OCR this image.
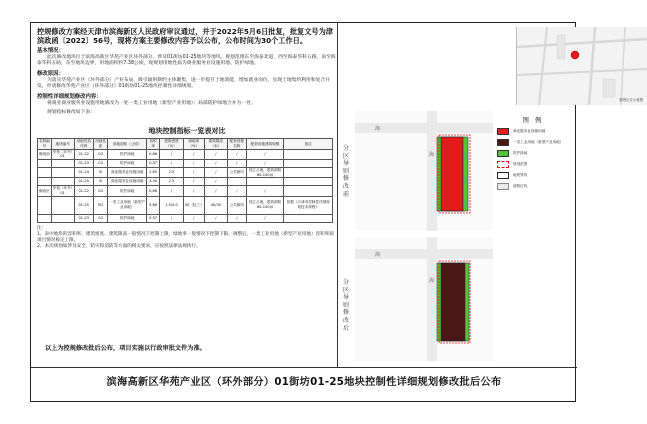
控规修改方案经天津市滨海新区人民政府审议通过，并于2022年5月6日批复，批复文号为津滨政函〔2022〕56号，现将方案主要修改内容予以公布，公布时间为30个工作日。
基本情况：
此次修改地块位于滨海高新区华苑产业区环外部分，涉及01街坊01-25地块等地块。规划范围东至海泰北道，西至海泰华科五路，南至海泰华科五路，东至地块边界，用地面积约7.38公顷，现规划用地性质为商业服务业设施用地、防护绿地。
修改原因：
为落实华苑产业区（环外部分）产业布局，吸引辐射制约主体聚集，进一步提升土地效能，增加就业岗位，实现土地集约利用和复合开发，申请修改华苑产业区（环外部分）01街坊01-25地块控制性详细规划。
控制性详细规划修改内容：
将商业商业服务业设施用地修改为一处一类工业用地（新型产业用地）；局部防护绿地合并为一处。
规划指标修改如下表：
地块控制指标一览表对比
名称编号	地块编号	用地性质代码	用地性质	用地面积（公顷）	容积率	建筑密度（%）	绿地率（%）	建筑限高（米）	配套设施名称	配套设施建筑规模	备注
修改前	华苑（环外）01	01-22	G2	防护绿地	0.86	/	/	/	/	/	
		01-23	G2	防护绿地	0.37	/	/	/	/	/	
		01-24	B	商业服务业设施用地	2.85	2.5	/	/	公共厕所	独立占地，建筑面积60-100㎡	
		01-25	B	商业服务业设施用地	3.30	2.5	/	/			
修改后	华苑（环外）01	01-22	G2	防护绿地	0.86	/	/	/	/	/	
		01-25	M1	一类工业用地（新型产业用地）	5.66	1.5/4.0	50（轻工）	40/30	公共厕所	独立占地，建筑面积60-100㎡	依据《天津市控制性详细规划技术规程》
		01-23	G2	防护绿地	0.37	/	/	/	/	/	
注：
1、表中地块的容积率、建筑密度、建筑限高一般情况下控制上限，绿地率一般情况下控制下限，调整后，一类工业用地（新型产业用地）容积率按项目情况核定上限。
2、本次规划如涉及安全、防灾和消防等方面的相关要求，应按照法律法规执行。
以上为控规修改批后公布，项目实施以行政审批文件为准。
规划区位示意图
分区导则修改前
海
海
分区导则修改后
海
海
图 例
商业服务业设施用地
一类工业用地（新型产业用地）
防护绿地
规划范围
地块界线
道路红线
滨海高新区华苑产业区（环外部分）01街坊01-25地块控制性详细规划修改批后公布
